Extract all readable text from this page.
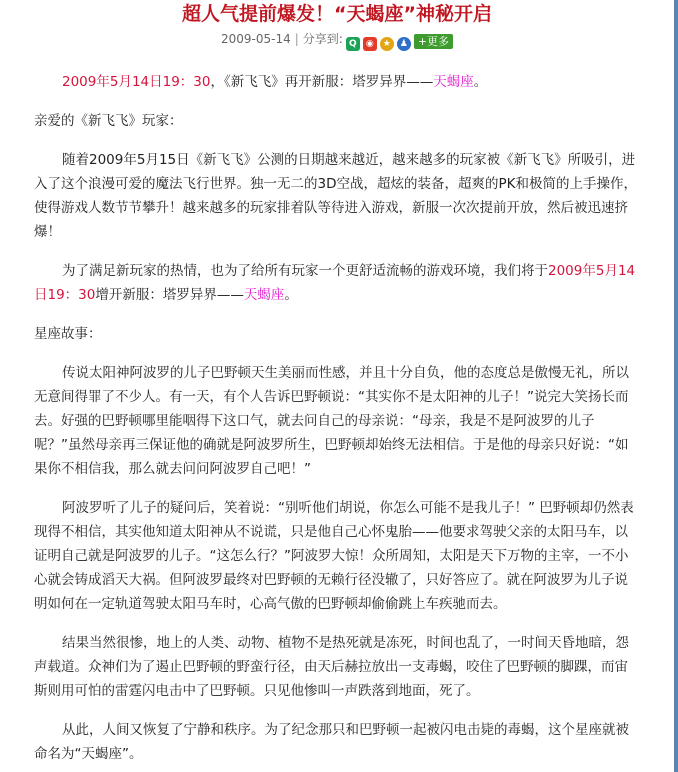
超人气提前爆发！“天蝎座”神秘开启
2009-05-14 | 分享到: Q ◉ ★ ♟ +更多

2009年5月14日19：30，《新飞飞》再开新服：塔罗异界——天蝎座。

亲爱的《新飞飞》玩家：

随着2009年5月15日《新飞飞》公测的日期越来越近，越来越多的玩家被《新飞飞》所吸引，进入了这个浪漫可爱的魔法飞行世界。独一无二的3D空战，超炫的装备，超爽的PK和极简的上手操作，使得游戏人数节节攀升！越来越多的玩家排着队等待进入游戏，新服一次次提前开放，然后被迅速挤爆！

为了满足新玩家的热情，也为了给所有玩家一个更舒适流畅的游戏环境，我们将于2009年5月14日19：30增开新服：塔罗异界——天蝎座。

星座故事：

传说太阳神阿波罗的儿子巴野顿天生美丽而性感，并且十分自负，他的态度总是傲慢无礼，所以无意间得罪了不少人。有一天，有个人告诉巴野顿说：“其实你不是太阳神的儿子！”说完大笑扬长而去。好强的巴野顿哪里能咽得下这口气，就去问自己的母亲说：“母亲，我是不是阿波罗的儿子呢？”虽然母亲再三保证他的确就是阿波罗所生，巴野顿却始终无法相信。于是他的母亲只好说：“如果你不相信我，那么就去问问阿波罗自己吧！”

阿波罗听了儿子的疑问后，笑着说：“别听他们胡说，你怎么可能不是我儿子！” 巴野顿却仍然表现得不相信，其实他知道太阳神从不说谎，只是他自己心怀鬼胎——他要求驾驶父亲的太阳马车，以证明自己就是阿波罗的儿子。“这怎么行？”阿波罗大惊！众所周知，太阳是天下万物的主宰，一不小心就会铸成滔天大祸。但阿波罗最终对巴野顿的无赖行径没辙了，只好答应了。就在阿波罗为儿子说明如何在一定轨道驾驶太阳马车时，心高气傲的巴野顿却偷偷跳上车疾驰而去。

结果当然很惨，地上的人类、动物、植物不是热死就是冻死，时间也乱了，一时间天昏地暗，怨声载道。众神们为了遏止巴野顿的野蛮行径，由天后赫拉放出一支毒蝎，咬住了巴野顿的脚踝，而宙斯则用可怕的雷霆闪电击中了巴野顿。只见他惨叫一声跌落到地面，死了。

从此，人间又恢复了宁静和秩序。为了纪念那只和巴野顿一起被闪电击毙的毒蝎，这个星座就被命名为“天蝎座”。
